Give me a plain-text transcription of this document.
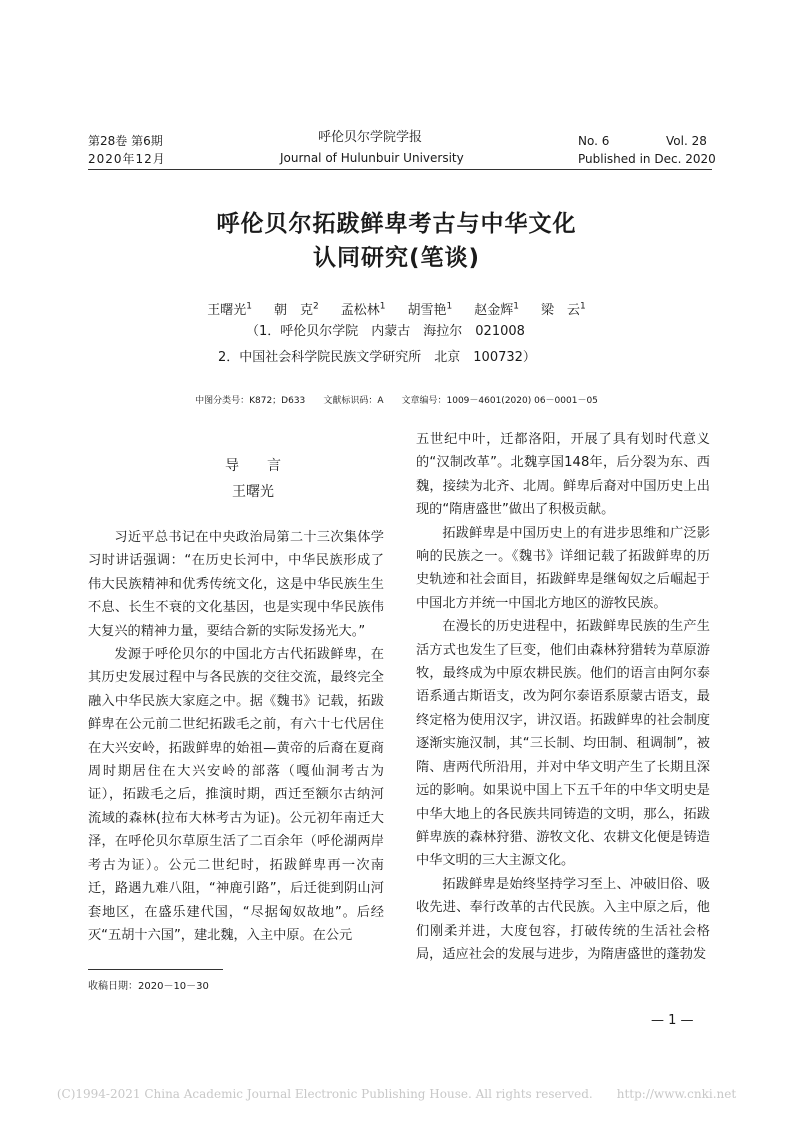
第28卷 第6期
2020年12月
呼伦贝尔学院学报
Journal of Hulunbuir University
No. 6	Vol. 28
Published in Dec. 2020
呼伦贝尔拓跋鲜卑考古与中华文化
认同研究(笔谈)
王曙光$^1$ 朝　克$^2$ 孟松林$^1$ 胡雪艳$^1$ 赵金辉$^1$ 梁　云$^1$
（1．呼伦贝尔学院　内蒙古　海拉尔　021008
2．中国社会科学院民族文学研究所　北京　100732）
中图分类号：K872；D633　　 文献标识码：A　　 文章编号：1009－4601(2020) 06－0001－05
导　　言
王曙光

习近平总书记在中央政治局第二十三次集体学习时讲话强调：“在历史长河中，中华民族形成了伟大民族精神和优秀传统文化，这是中华民族生生不息、长生不衰的文化基因，也是实现中华民族伟大复兴的精神力量，要结合新的实际发扬光大。”

发源于呼伦贝尔的中国北方古代拓跋鲜卑，在其历史发展过程中与各民族的交往交流，最终完全融入中华民族大家庭之中。据《魏书》记载，拓跋鲜卑在公元前二世纪拓跋毛之前，有六十七代居住在大兴安岭，拓跋鲜卑的始祖—黄帝的后裔在夏商周时期居住在大兴安岭的部落（嘎仙洞考古为证），拓跋毛之后，推演时期，西迁至额尔古纳河流域的森林(拉布大林考古为证)。公元初年南迁大泽，在呼伦贝尔草原生活了二百余年（呼伦湖两岸考古为证）。公元二世纪时，拓跋鲜卑再一次南迁，路遇九难八阻，“神鹿引路”，后迁徙到阴山河套地区，在盛乐建代国，“尽据匈奴故地”。后经灭“五胡十六国”，建北魏，入主中原。在公元

五世纪中叶，迁都洛阳，开展了具有划时代意义的“汉制改革”。北魏享国148年，后分裂为东、西魏，接续为北齐、北周。鲜卑后裔对中国历史上出现的“隋唐盛世”做出了积极贡献。

拓跋鲜卑是中国历史上的有进步思维和广泛影响的民族之一。《魏书》详细记载了拓跋鲜卑的历史轨迹和社会面目，拓跋鲜卑是继匈奴之后崛起于中国北方并统一中国北方地区的游牧民族。

在漫长的历史进程中，拓跋鲜卑民族的生产生活方式也发生了巨变，他们由森林狩猎转为草原游牧，最终成为中原农耕民族。他们的语言由阿尔泰语系通古斯语支，改为阿尔泰语系原蒙古语支，最终定格为使用汉字，讲汉语。拓跋鲜卑的社会制度逐渐实施汉制，其“三长制、均田制、租调制”，被隋、唐两代所沿用，并对中华文明产生了长期且深远的影响。如果说中国上下五千年的中华文明史是中华大地上的各民族共同铸造的文明，那么，拓跋鲜卑族的森林狩猎、游牧文化、农耕文化便是铸造中华文明的三大主源文化。

拓跋鲜卑是始终坚持学习至上、冲破旧俗、吸收先进、奉行改革的古代民族。入主中原之后，他们刚柔并进，大度包容，打破传统的生活社会格局，适应社会的发展与进步，为隋唐盛世的蓬勃发

收稿日期：2020－10－30
— 1 —
(C)1994-2021 China Academic Journal Electronic Publishing House. All rights reserved.　　http://www.cnki.net
